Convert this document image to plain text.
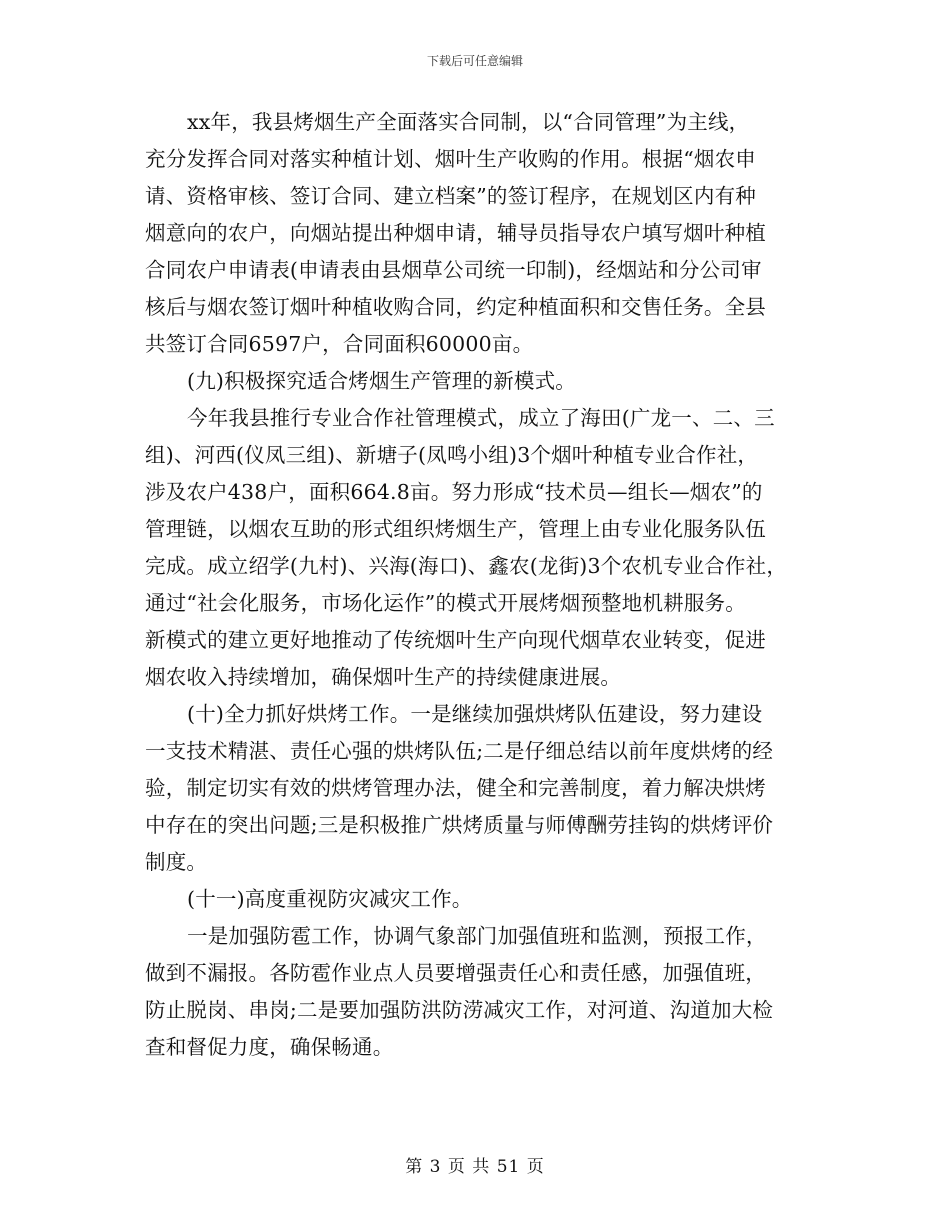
下载后可任意编辑
xx年，我县烤烟生产全面落实合同制，以“合同管理”为主线，
充分发挥合同对落实种植计划、烟叶生产收购的作用。根据“烟农申
请、资格审核、签订合同、建立档案”的签订程序，在规划区内有种
烟意向的农户，向烟站提出种烟申请，辅导员指导农户填写烟叶种植
合同农户申请表(申请表由县烟草公司统一印制)，经烟站和分公司审
核后与烟农签订烟叶种植收购合同，约定种植面积和交售任务。全县
共签订合同6597户，合同面积60000亩。
(九)积极探究适合烤烟生产管理的新模式。
今年我县推行专业合作社管理模式，成立了海田(广龙一、二、三
组)、河西(仪凤三组)、新塘子(凤鸣小组)3个烟叶种植专业合作社，
涉及农户438户，面积664.8亩。努力形成“技术员—组长—烟农”的
管理链，以烟农互助的形式组织烤烟生产，管理上由专业化服务队伍
完成。成立绍学(九村)、兴海(海口)、鑫农(龙街)3个农机专业合作社，
通过“社会化服务，市场化运作”的模式开展烤烟预整地机耕服务。
新模式的建立更好地推动了传统烟叶生产向现代烟草农业转变，促进
烟农收入持续增加，确保烟叶生产的持续健康进展。
(十)全力抓好烘烤工作。一是继续加强烘烤队伍建设，努力建设
一支技术精湛、责任心强的烘烤队伍;二是仔细总结以前年度烘烤的经
验，制定切实有效的烘烤管理办法，健全和完善制度，着力解决烘烤
中存在的突出问题;三是积极推广烘烤质量与师傅酬劳挂钩的烘烤评价
制度。
(十一)高度重视防灾减灾工作。
一是加强防雹工作，协调气象部门加强值班和监测，预报工作，
做到不漏报。各防雹作业点人员要增强责任心和责任感，加强值班，
防止脱岗、串岗;二是要加强防洪防涝减灾工作，对河道、沟道加大检
查和督促力度，确保畅通。
第 3 页 共 51 页
